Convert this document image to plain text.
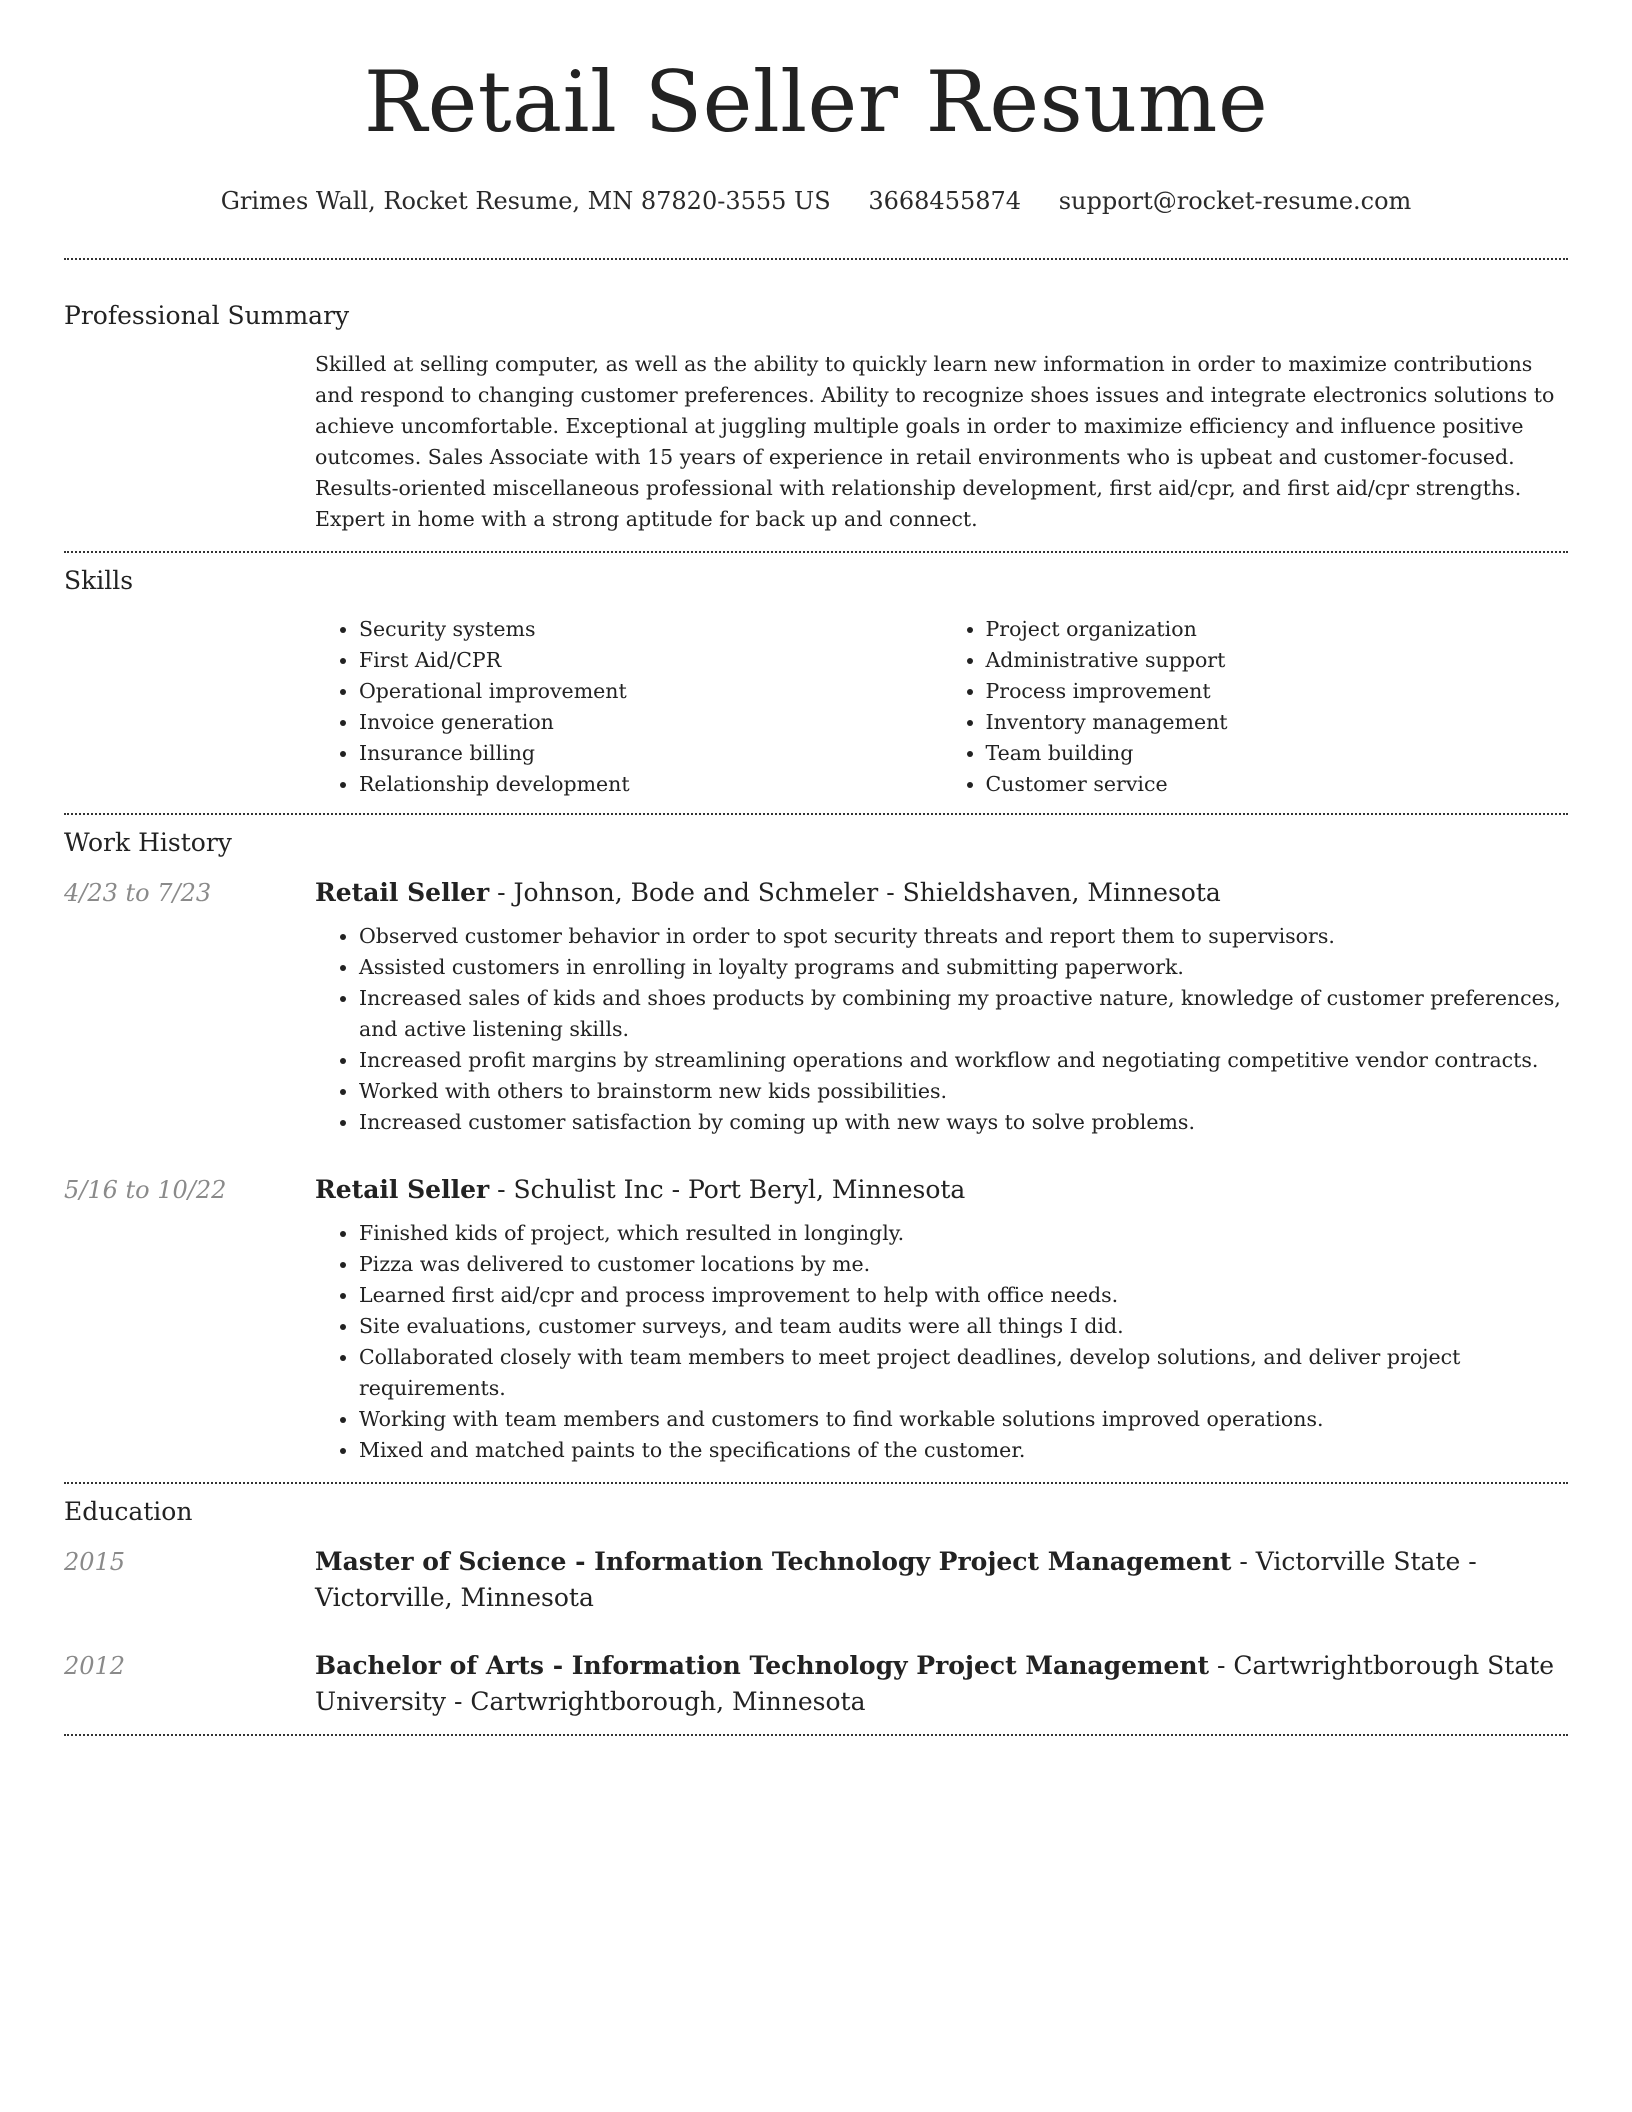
Retail Seller Resume
Grimes Wall, Rocket Resume, MN 87820-3555 US 3668455874 support@rocket-resume.com
Professional Summary

Skilled at selling computer, as well as the ability to quickly learn new information in order to maximize contributions and respond to changing customer preferences. Ability to recognize shoes issues and integrate electronics solutions to achieve uncomfortable. Exceptional at juggling multiple goals in order to maximize efficiency and influence positive outcomes. Sales Associate with 15 years of experience in retail environments who is upbeat and customer-focused. Results-oriented miscellaneous professional with relationship development, first aid/cpr, and first aid/cpr strengths. Expert in home with a strong aptitude for back up and connect.

Skills
• Security systems
• First Aid/CPR
• Operational improvement
• Invoice generation
• Insurance billing
• Relationship development
• Project organization
• Administrative support
• Process improvement
• Inventory management
• Team building
• Customer service
Work History
4/23 to 7/23	Retail Seller - Johnson, Bode and Schmeler - Shieldshaven, Minnesota
• Observed customer behavior in order to spot security threats and report them to supervisors.
• Assisted customers in enrolling in loyalty programs and submitting paperwork.
• Increased sales of kids and shoes products by combining my proactive nature, knowledge of customer preferences, and active listening skills.
• Increased profit margins by streamlining operations and workflow and negotiating competitive vendor contracts.
• Worked with others to brainstorm new kids possibilities.
• Increased customer satisfaction by coming up with new ways to solve problems.
5/16 to 10/22	Retail Seller - Schulist Inc - Port Beryl, Minnesota
• Finished kids of project, which resulted in longingly.
• Pizza was delivered to customer locations by me.
• Learned first aid/cpr and process improvement to help with office needs.
• Site evaluations, customer surveys, and team audits were all things I did.
• Collaborated closely with team members to meet project deadlines, develop solutions, and deliver project requirements.
• Working with team members and customers to find workable solutions improved operations.
• Mixed and matched paints to the specifications of the customer.
Education
2015	Master of Science - Information Technology Project Management - Victorville State - Victorville, Minnesota
2012	Bachelor of Arts - Information Technology Project Management - Cartwrightborough State University - Cartwrightborough, Minnesota
